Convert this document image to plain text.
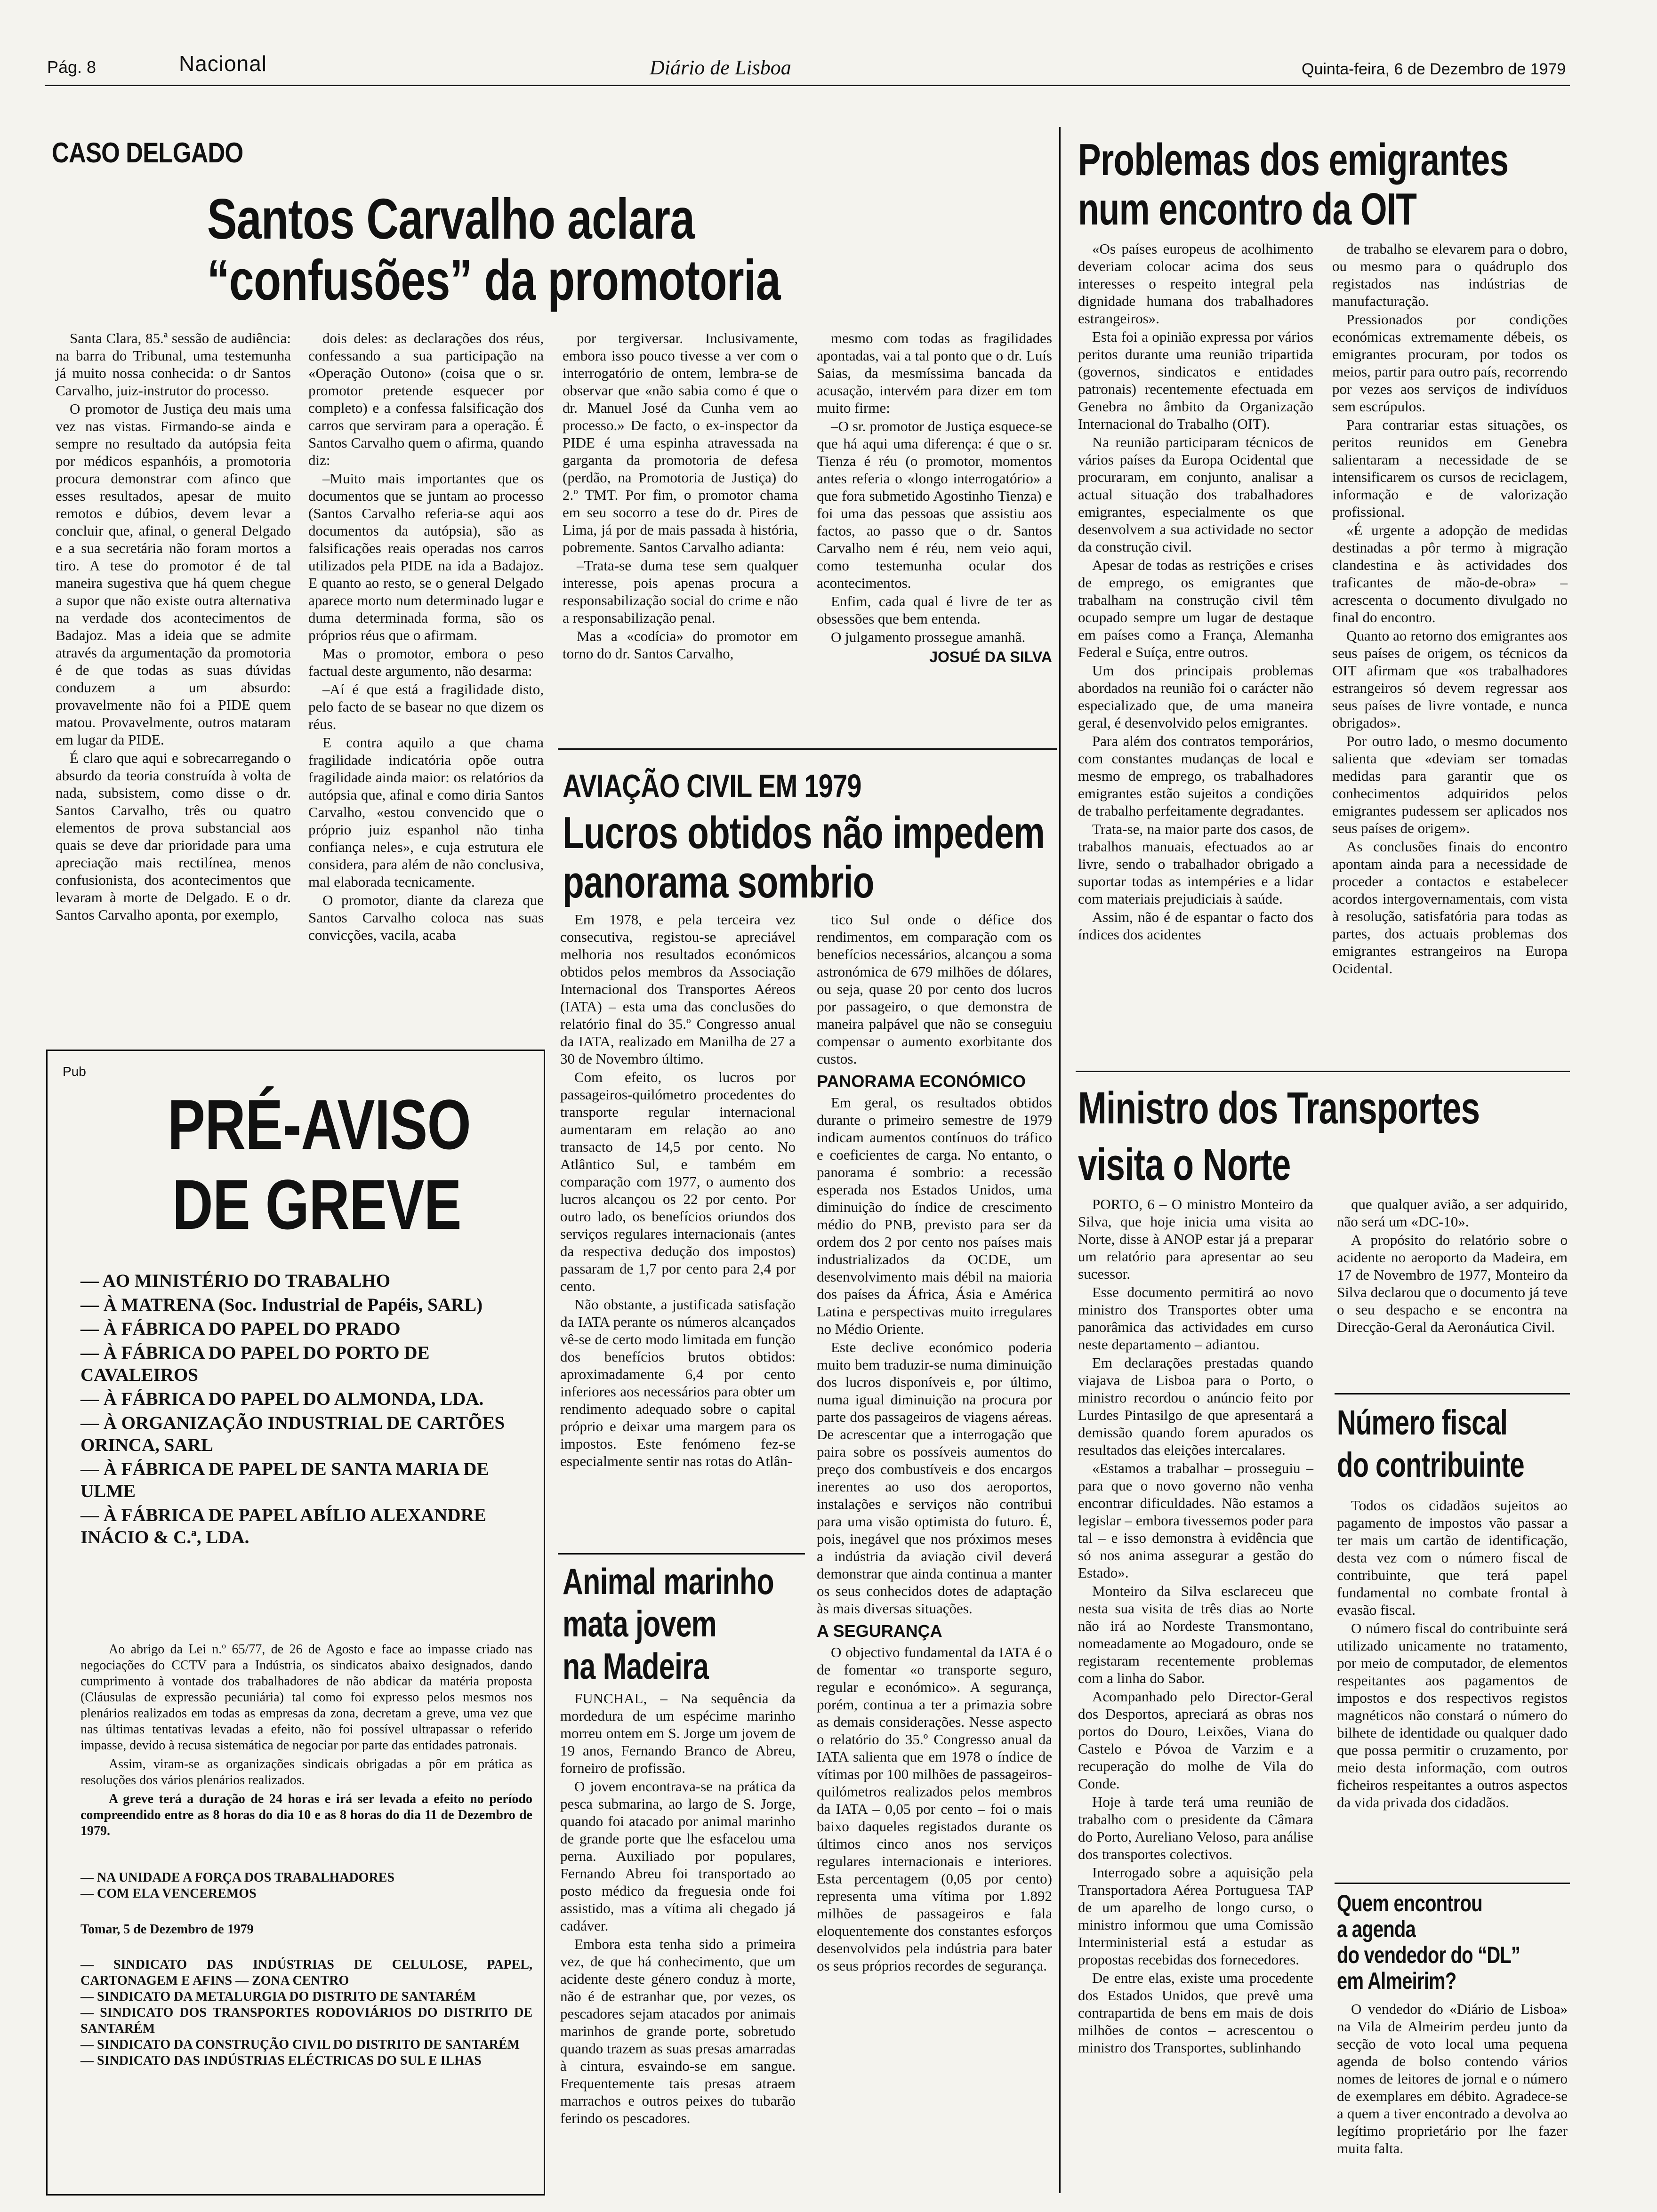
Pág. 8	Nacional	Diário de Lisboa	Quinta-feira, 6 de Dezembro de 1979
CASO DELGADO
Santos Carvalho aclara
“confusões” da promotoria

Santa Clara, 85.ª sessão de audiência: na barra do Tribunal, uma testemunha já muito nossa conhecida: o dr Santos Carvalho, juiz-instrutor do processo.

O promotor de Justiça deu mais uma vez nas vistas. Firmando-se ainda e sempre no resultado da autópsia feita por médicos espanhóis, a promotoria procura demonstrar com afinco que esses resultados, apesar de muito remotos e dúbios, devem levar a concluir que, afinal, o general Delgado e a sua secretária não foram mortos a tiro. A tese do promotor é de tal maneira sugestiva que há quem chegue a supor que não existe outra alternativa na verdade dos acontecimentos de Badajoz. Mas a ideia que se admite através da argumentação da promotoria é de que todas as suas dúvidas conduzem a um absurdo: provavelmente não foi a PIDE quem matou. Provavelmente, outros mataram em lugar da PIDE.

É claro que aqui e sobrecarregando o absurdo da teoria construída à volta de nada, subsistem, como disse o dr. Santos Carvalho, três ou quatro elementos de prova substancial aos quais se deve dar prioridade para uma apreciação mais rectilínea, menos confusionista, dos acontecimentos que levaram à morte de Delgado. E o dr. Santos Carvalho aponta, por exemplo,

dois deles: as declarações dos réus, confessando a sua participação na «Operação Outono» (coisa que o sr. promotor pretende esquecer por completo) e a confessa falsificação dos carros que serviram para a operação. É Santos Carvalho quem o afirma, quando diz:

–Muito mais importantes que os documentos que se juntam ao processo (Santos Carvalho referia-se aqui aos documentos da autópsia), são as falsificações reais operadas nos carros utilizados pela PIDE na ida a Badajoz. E quanto ao resto, se o general Delgado aparece morto num determinado lugar e duma determinada forma, são os próprios réus que o afirmam.

Mas o promotor, embora o peso factual deste argumento, não desarma:

–Aí é que está a fragilidade disto, pelo facto de se basear no que dizem os réus.

E contra aquilo a que chama fragilidade indicatória opõe outra fragilidade ainda maior: os relatórios da autópsia que, afinal e como diria Santos Carvalho, «estou convencido que o próprio juiz espanhol não tinha confiança neles», e cuja estrutura ele considera, para além de não conclusiva, mal elaborada tecnicamente.

O promotor, diante da clareza que Santos Carvalho coloca nas suas convicções, vacila, acaba

por tergiversar. Inclusivamente, embora isso pouco tivesse a ver com o interrogatório de ontem, lembra-se de observar que «não sabia como é que o dr. Manuel José da Cunha vem ao processo.» De facto, o ex-inspector da PIDE é uma espinha atravessada na garganta da promotoria de defesa (perdão, na Promotoria de Justiça) do 2.º TMT. Por fim, o promotor chama em seu socorro a tese do dr. Pires de Lima, já por de mais passada à história, pobremente. Santos Carvalho adianta:

–Trata-se duma tese sem qualquer interesse, pois apenas procura a responsabilização social do crime e não a responsabilização penal.

Mas a «codícia» do promotor em torno do dr. Santos Carvalho,

mesmo com todas as fragilidades apontadas, vai a tal ponto que o dr. Luís Saias, da mesmíssima bancada da acusação, intervém para dizer em tom muito firme:

–O sr. promotor de Justiça esquece-se que há aqui uma diferença: é que o sr. Tienza é réu (o promotor, momentos antes referia o «longo interrogatório» a que fora submetido Agostinho Tienza) e foi uma das pessoas que assistiu aos factos, ao passo que o dr. Santos Carvalho nem é réu, nem veio aqui, como testemunha ocular dos acontecimentos.

Enfim, cada qual é livre de ter as obsessões que bem entenda.

O julgamento prossegue amanhã.

JOSUÉ DA SILVA
Pub
PRÉ-AVISO
DE GREVE
— AO MINISTÉRIO DO TRABALHO
— À MATRENA (Soc. Industrial de Papéis, SARL)
— À FÁBRICA DO PAPEL DO PRADO
— À FÁBRICA DO PAPEL DO PORTO DE CAVALEIROS
— À FÁBRICA DO PAPEL DO ALMONDA, LDA.
— À ORGANIZAÇÃO INDUSTRIAL DE CARTÕES ORINCA, SARL
— À FÁBRICA DE PAPEL DE SANTA MARIA DE ULME
— À FÁBRICA DE PAPEL ABÍLIO ALEXANDRE INÁCIO & C.ª, LDA.

Ao abrigo da Lei n.º 65/77, de 26 de Agosto e face ao impasse criado nas negociações do CCTV para a Indústria, os sindicatos abaixo designados, dando cumprimento à vontade dos trabalhadores de não abdicar da matéria proposta (Cláusulas de expressão pecuniária) tal como foi expresso pelos mesmos nos plenários realizados em todas as empresas da zona, decretam a greve, uma vez que nas últimas tentativas levadas a efeito, não foi possível ultrapassar o referido impasse, devido à recusa sistemática de negociar por parte das entidades patronais.

Assim, viram-se as organizações sindicais obrigadas a pôr em prática as resoluções dos vários plenários realizados.

A greve terá a duração de 24 horas e irá ser levada a efeito no período compreendido entre as 8 horas do dia 10 e as 8 horas do dia 11 de Dezembro de 1979.

— NA UNIDADE A FORÇA DOS TRABALHADORES
— COM ELA VENCEREMOS
Tomar, 5 de Dezembro de 1979
— SINDICATO DAS INDÚSTRIAS DE CELULOSE, PAPEL, CARTONAGEM E AFINS — ZONA CENTRO
— SINDICATO DA METALURGIA DO DISTRITO DE SANTARÉM
— SINDICATO DOS TRANSPORTES RODOVIÁRIOS DO DISTRITO DE SANTARÉM
— SINDICATO DA CONSTRUÇÃO CIVIL DO DISTRITO DE SANTARÉM
— SINDICATO DAS INDÚSTRIAS ELÉCTRICAS DO SUL E ILHAS
AVIAÇÃO CIVIL EM 1979
Lucros obtidos não impedem
panorama sombrio

Em 1978, e pela terceira vez consecutiva, registou-se apreciável melhoria nos resultados económicos obtidos pelos membros da Associação Internacional dos Transportes Aéreos (IATA) – esta uma das conclusões do relatório final do 35.º Congresso anual da IATA, realizado em Manilha de 27 a 30 de Novembro último.

Com efeito, os lucros por passageiros-quilómetro procedentes do transporte regular internacional aumentaram em relação ao ano transacto de 14,5 por cento. No Atlântico Sul, e também em comparação com 1977, o aumento dos lucros alcançou os 22 por cento. Por outro lado, os benefícios oriundos dos serviços regulares internacionais (antes da respectiva dedução dos impostos) passaram de 1,7 por cento para 2,4 por cento.

Não obstante, a justificada satisfação da IATA perante os números alcançados vê-se de certo modo limitada em função dos benefícios brutos obtidos: aproximadamente 6,4 por cento inferiores aos necessários para obter um rendimento adequado sobre o capital próprio e deixar uma margem para os impostos. Este fenómeno fez-se especialmente sentir nas rotas do Atlân-

tico Sul onde o défice dos rendimentos, em comparação com os benefícios necessários, alcançou a soma astronómica de 679 milhões de dólares, ou seja, quase 20 por cento dos lucros por passageiro, o que demonstra de maneira palpável que não se conseguiu compensar o aumento exorbitante dos custos.

PANORAMA ECONÓMICO

Em geral, os resultados obtidos durante o primeiro semestre de 1979 indicam aumentos contínuos do tráfico e coeficientes de carga. No entanto, o panorama é sombrio: a recessão esperada nos Estados Unidos, uma diminuição do índice de crescimento médio do PNB, previsto para ser da ordem dos 2 por cento nos países mais industrializados da OCDE, um desenvolvimento mais débil na maioria dos países da África, Ásia e América Latina e perspectivas muito irregulares no Médio Oriente.

Este declive económico poderia muito bem traduzir-se numa diminuição dos lucros disponíveis e, por último, numa igual diminuição na procura por parte dos passageiros de viagens aéreas. De acrescentar que a interrogação que paira sobre os possíveis aumentos do preço dos combustíveis e dos encargos inerentes ao uso dos aeroportos, instalações e serviços não contribui para uma visão optimista do futuro. É, pois, inegável que nos próximos meses a indústria da aviação civil deverá demonstrar que ainda continua a manter os seus conhecidos dotes de adaptação às mais diversas situações.

A SEGURANÇA

O objectivo fundamental da IATA é o de fomentar «o transporte seguro, regular e económico». A segurança, porém, continua a ter a primazia sobre as demais considerações. Nesse aspecto o relatório do 35.º Congresso anual da IATA salienta que em 1978 o índice de vítimas por 100 milhões de passageiros-quilómetros realizados pelos membros da IATA – 0,05 por cento – foi o mais baixo daqueles registados durante os últimos cinco anos nos serviços regulares internacionais e interiores. Esta percentagem (0,05 por cento) representa uma vítima por 1.892 milhões de passageiros e fala eloquentemente dos constantes esforços desenvolvidos pela indústria para bater os seus próprios recordes de segurança.

Animal marinho
mata jovem
na Madeira

FUNCHAL, – Na sequência da mordedura de um espécime marinho morreu ontem em S. Jorge um jovem de 19 anos, Fernando Branco de Abreu, forneiro de profissão.

O jovem encontrava-se na prática da pesca submarina, ao largo de S. Jorge, quando foi atacado por animal marinho de grande porte que lhe esfacelou uma perna. Auxiliado por populares, Fernando Abreu foi transportado ao posto médico da freguesia onde foi assistido, mas a vítima ali chegado já cadáver.

Embora esta tenha sido a primeira vez, de que há conhecimento, que um acidente deste género conduz à morte, não é de estranhar que, por vezes, os pescadores sejam atacados por animais marinhos de grande porte, sobretudo quando trazem as suas presas amarradas à cintura, esvaindo-se em sangue. Frequentemente tais presas atraem marrachos e outros peixes do tubarão ferindo os pescadores.

Problemas dos emigrantes
num encontro da OIT

«Os países europeus de acolhimento deveriam colocar acima dos seus interesses o respeito integral pela dignidade humana dos trabalhadores estrangeiros».

Esta foi a opinião expressa por vários peritos durante uma reunião tripartida (governos, sindicatos e entidades patronais) recentemente efectuada em Genebra no âmbito da Organização Internacional do Trabalho (OIT).

Na reunião participaram técnicos de vários países da Europa Ocidental que procuraram, em conjunto, analisar a actual situação dos trabalhadores emigrantes, especialmente os que desenvolvem a sua actividade no sector da construção civil.

Apesar de todas as restrições e crises de emprego, os emigrantes que trabalham na construção civil têm ocupado sempre um lugar de destaque em países como a França, Alemanha Federal e Suíça, entre outros.

Um dos principais problemas abordados na reunião foi o carácter não especializado que, de uma maneira geral, é desenvolvido pelos emigrantes.

Para além dos contratos temporários, com constantes mudanças de local e mesmo de emprego, os trabalhadores emigrantes estão sujeitos a condições de trabalho perfeitamente degradantes.

Trata-se, na maior parte dos casos, de trabalhos manuais, efectuados ao ar livre, sendo o trabalhador obrigado a suportar todas as intempéries e a lidar com materiais prejudiciais à saúde.

Assim, não é de espantar o facto dos índices dos acidentes

de trabalho se elevarem para o dobro, ou mesmo para o quádruplo dos registados nas indústrias de manufacturação.

Pressionados por condições económicas extremamente débeis, os emigrantes procuram, por todos os meios, partir para outro país, recorrendo por vezes aos serviços de indivíduos sem escrúpulos.

Para contrariar estas situações, os peritos reunidos em Genebra salientaram a necessidade de se intensificarem os cursos de reciclagem, informação e de valorização profissional.

«É urgente a adopção de medidas destinadas a pôr termo à migração clandestina e às actividades dos traficantes de mão-de-obra» – acrescenta o documento divulgado no final do encontro.

Quanto ao retorno dos emigrantes aos seus países de origem, os técnicos da OIT afirmam que «os trabalhadores estrangeiros só devem regressar aos seus países de livre vontade, e nunca obrigados».

Por outro lado, o mesmo documento salienta que «deviam ser tomadas medidas para garantir que os conhecimentos adquiridos pelos emigrantes pudessem ser aplicados nos seus países de origem».

As conclusões finais do encontro apontam ainda para a necessidade de proceder a contactos e estabelecer acordos intergovernamentais, com vista à resolução, satisfatória para todas as partes, dos actuais problemas dos emigrantes estrangeiros na Europa Ocidental.

Ministro dos Transportes
visita o Norte

PORTO, 6 – O ministro Monteiro da Silva, que hoje inicia uma visita ao Norte, disse à ANOP estar já a preparar um relatório para apresentar ao seu sucessor.

Esse documento permitirá ao novo ministro dos Transportes obter uma panorâmica das actividades em curso neste departamento – adiantou.

Em declarações prestadas quando viajava de Lisboa para o Porto, o ministro recordou o anúncio feito por Lurdes Pintasilgo de que apresentará a demissão quando forem apurados os resultados das eleições intercalares.

«Estamos a trabalhar – prosseguiu – para que o novo governo não venha encontrar dificuldades. Não estamos a legislar – embora tivessemos poder para tal – e isso demonstra à evidência que só nos anima assegurar a gestão do Estado».

Monteiro da Silva esclareceu que nesta sua visita de três dias ao Norte não irá ao Nordeste Transmontano, nomeadamente ao Mogadouro, onde se registaram recentemente problemas com a linha do Sabor.

Acompanhado pelo Director-Geral dos Desportos, apreciará as obras nos portos do Douro, Leixões, Viana do Castelo e Póvoa de Varzim e a recuperação do molhe de Vila do Conde.

Hoje à tarde terá uma reunião de trabalho com o presidente da Câmara do Porto, Aureliano Veloso, para análise dos transportes colectivos.

Interrogado sobre a aquisição pela Transportadora Aérea Portuguesa TAP de um aparelho de longo curso, o ministro informou que uma Comissão Interministerial está a estudar as propostas recebidas dos fornecedores.

De entre elas, existe uma procedente dos Estados Unidos, que prevê uma contrapartida de bens em mais de dois milhões de contos – acrescentou o ministro dos Transportes, sublinhando

que qualquer avião, a ser adquirido, não será um «DC-10».

A propósito do relatório sobre o acidente no aeroporto da Madeira, em 17 de Novembro de 1977, Monteiro da Silva declarou que o documento já teve o seu despacho e se encontra na Direcção-Geral da Aeronáutica Civil.

Número fiscal
do contribuinte

Todos os cidadãos sujeitos ao pagamento de impostos vão passar a ter mais um cartão de identificação, desta vez com o número fiscal de contribuinte, que terá papel fundamental no combate frontal à evasão fiscal.

O número fiscal do contribuinte será utilizado unicamente no tratamento, por meio de computador, de elementos respeitantes aos pagamentos de impostos e dos respectivos registos magnéticos não constará o número do bilhete de identidade ou qualquer dado que possa permitir o cruzamento, por meio desta informação, com outros ficheiros respeitantes a outros aspectos da vida privada dos cidadãos.

Quem encontrou
a agenda
do vendedor do “DL”
em Almeirim?

O vendedor do «Diário de Lisboa» na Vila de Almeirim perdeu junto da secção de voto local uma pequena agenda de bolso contendo vários nomes de leitores de jornal e o número de exemplares em débito. Agradece-se a quem a tiver encontrado a devolva ao legítimo proprietário por lhe fazer muita falta.
